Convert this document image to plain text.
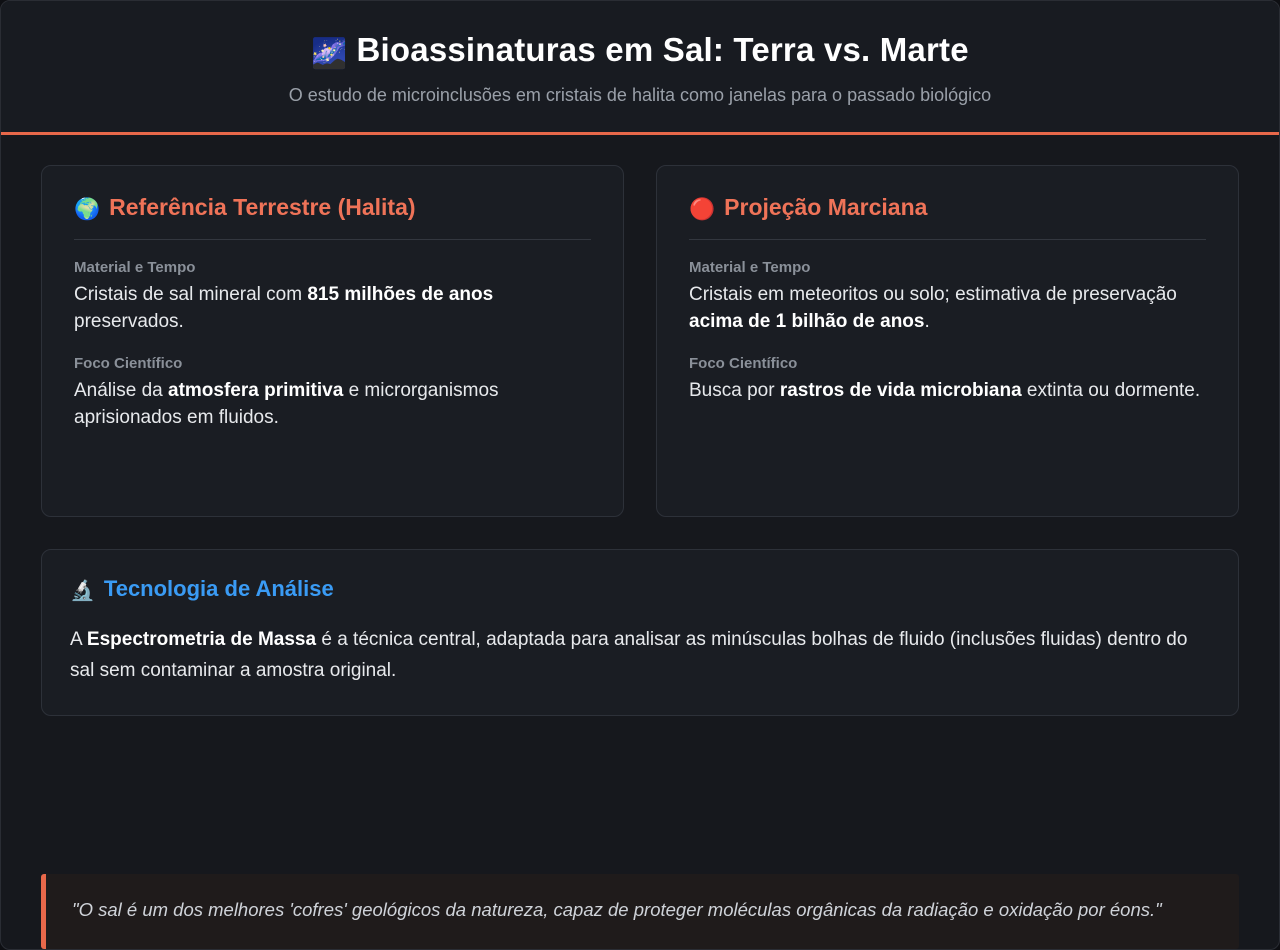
🌌 Bioassinaturas em Sal: Terra vs. Marte
O estudo de microinclusões em cristais de halita como janelas para o passado biológico
🌍 Referência Terrestre (Halita)
Material e Tempo
Cristais de sal mineral com 815 milhões de anos preservados.
Foco Científico
Análise da atmosfera primitiva e microrganismos aprisionados em fluidos.
🔴 Projeção Marciana
Material e Tempo
Cristais em meteoritos ou solo; estimativa de preservação acima de 1 bilhão de anos.
Foco Científico
Busca por rastros de vida microbiana extinta ou dormente.
🔬 Tecnologia de Análise
A Espectrometria de Massa é a técnica central, adaptada para analisar as minúsculas bolhas de fluido (inclusões fluidas) dentro do sal sem contaminar a amostra original.
"O sal é um dos melhores 'cofres' geológicos da natureza, capaz de proteger moléculas orgânicas da radiação e oxidação por éons."
